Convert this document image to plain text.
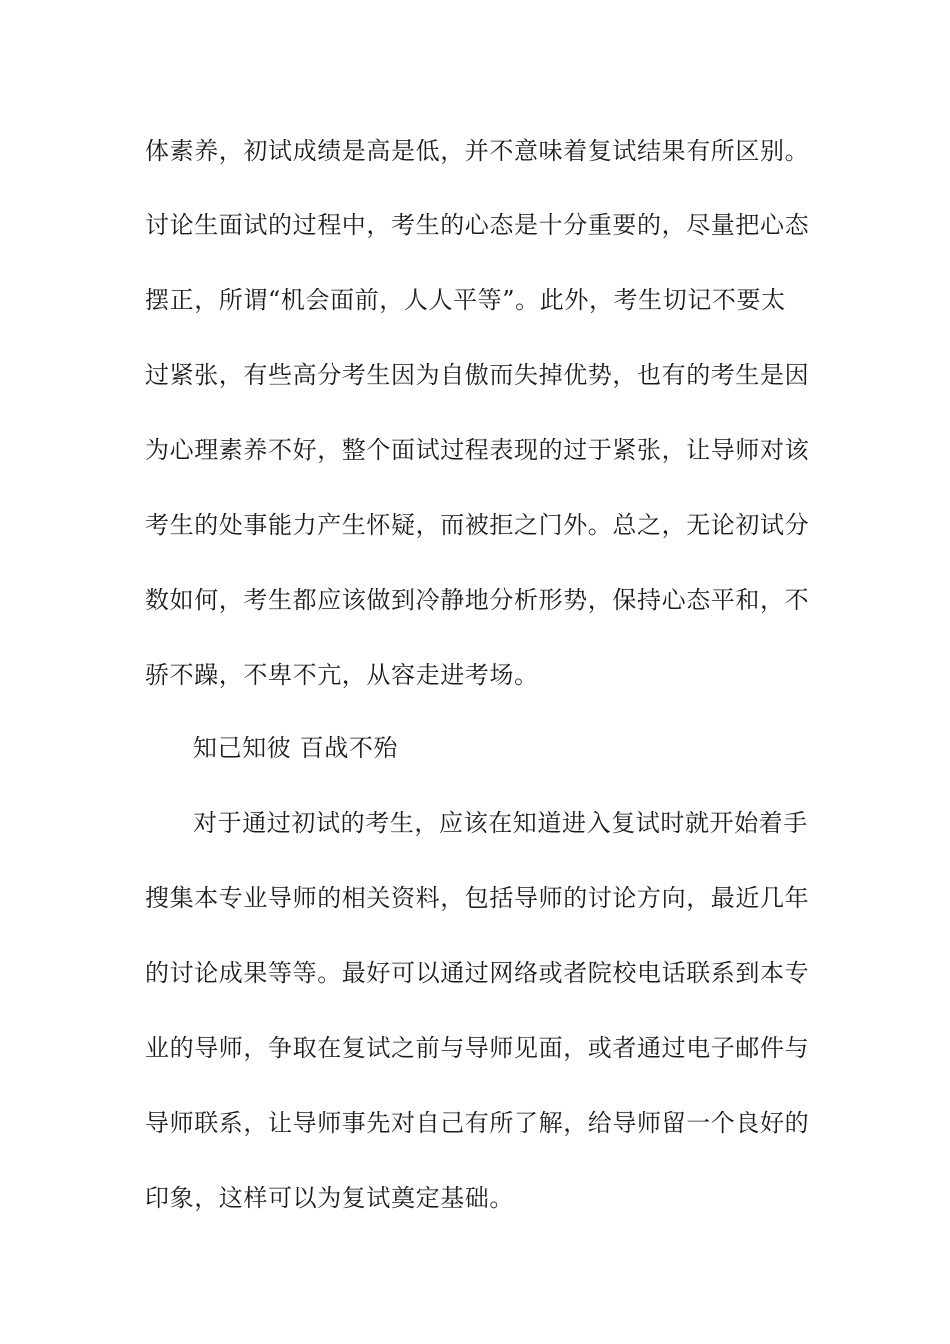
体素养，初试成绩是高是低，并不意味着复试结果有所区别。
讨论生面试的过程中，考生的心态是十分重要的，尽量把心态
摆正，所谓“机会面前，人人平等”。此外，考生切记不要太
过紧张，有些高分考生因为自傲而失掉优势，也有的考生是因
为心理素养不好，整个面试过程表现的过于紧张，让导师对该
考生的处事能力产生怀疑，而被拒之门外。总之，无论初试分
数如何，考生都应该做到冷静地分析形势，保持心态平和，不
骄不躁，不卑不亢，从容走进考场。
知己知彼 百战不殆
对于通过初试的考生，应该在知道进入复试时就开始着手
搜集本专业导师的相关资料，包括导师的讨论方向，最近几年
的讨论成果等等。最好可以通过网络或者院校电话联系到本专
业的导师，争取在复试之前与导师见面，或者通过电子邮件与
导师联系，让导师事先对自己有所了解，给导师留一个良好的
印象，这样可以为复试奠定基础。
